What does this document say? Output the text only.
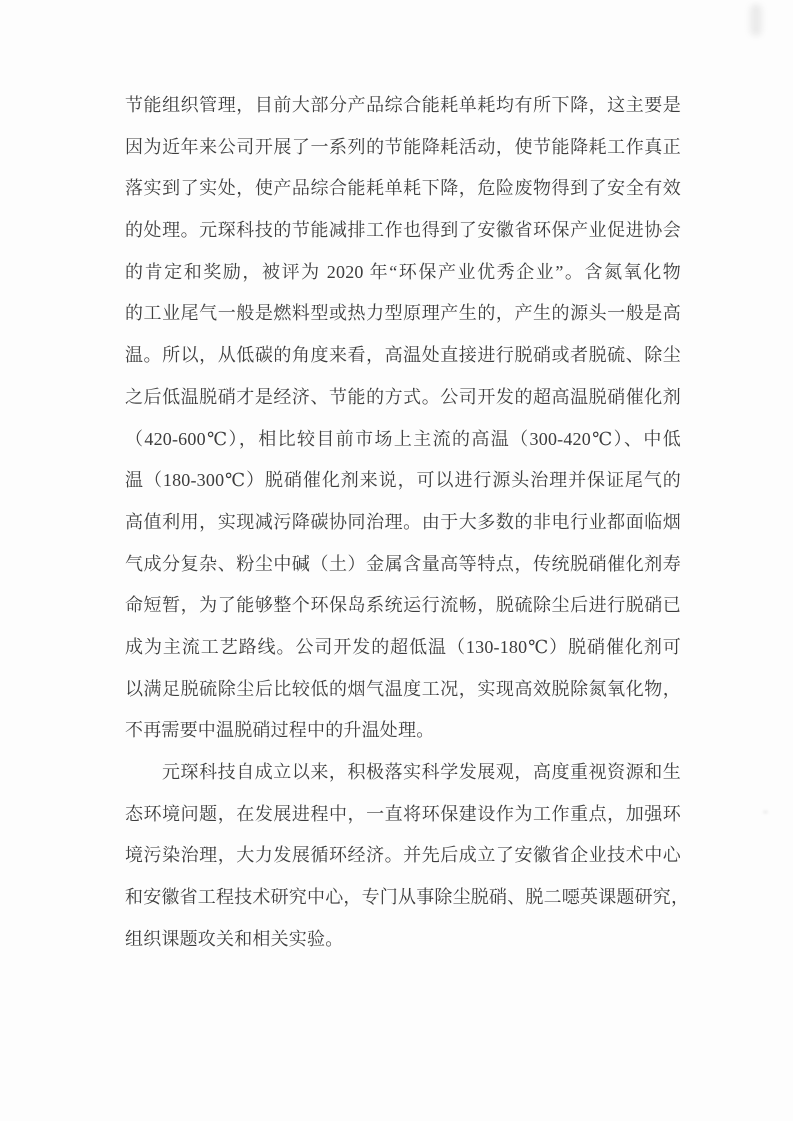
节能组织管理，目前大部分产品综合能耗单耗均有所下降，这主要是
因为近年来公司开展了一系列的节能降耗活动，使节能降耗工作真正
落实到了实处，使产品综合能耗单耗下降，危险废物得到了安全有效
的处理。元琛科技的节能减排工作也得到了安徽省环保产业促进协会
的肯定和奖励，被评为 2020 年“环保产业优秀企业”。含氮氧化物
的工业尾气一般是燃料型或热力型原理产生的，产生的源头一般是高
温。所以，从低碳的角度来看，高温处直接进行脱硝或者脱硫、除尘
之后低温脱硝才是经济、节能的方式。公司开发的超高温脱硝催化剂
（420-600℃），相比较目前市场上主流的高温（300-420℃）、中低
温（180-300℃）脱硝催化剂来说，可以进行源头治理并保证尾气的
高值利用，实现减污降碳协同治理。由于大多数的非电行业都面临烟
气成分复杂、粉尘中碱（土）金属含量高等特点，传统脱硝催化剂寿
命短暂，为了能够整个环保岛系统运行流畅，脱硫除尘后进行脱硝已
成为主流工艺路线。公司开发的超低温（130-180℃）脱硝催化剂可
以满足脱硫除尘后比较低的烟气温度工况，实现高效脱除氮氧化物，
不再需要中温脱硝过程中的升温处理。
元琛科技自成立以来，积极落实科学发展观，高度重视资源和生
态环境问题，在发展进程中，一直将环保建设作为工作重点，加强环
境污染治理，大力发展循环经济。并先后成立了安徽省企业技术中心
和安徽省工程技术研究中心，专门从事除尘脱硝、脱二噁英课题研究，
组织课题攻关和相关实验。
